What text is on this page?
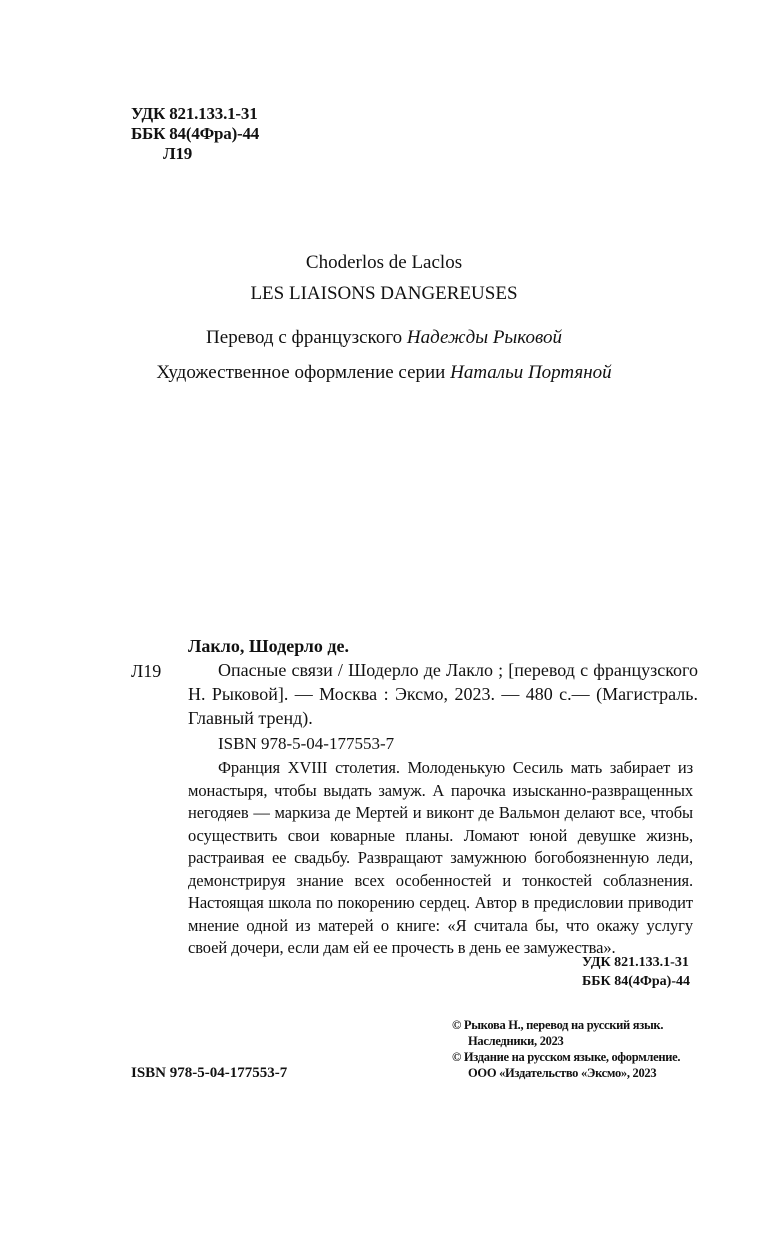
УДК 821.133.1-31
ББК 84(4Фра)-44
Л19
Choderlos de Laclos
LES LIAISONS DANGEREUSES
Перевод с французского Надежды Рыковой
Художественное оформление серии Натальи Портяной
Лакло, Шодерло де.
Л19	Опасные связи / Шодерло де Лакло ; [перевод с французского Н. Рыковой]. — Москва : Эксмо, 2023. — 480 с.— (Магистраль. Главный тренд).
ISBN 978-5-04-177553-7
Франция XVIII столетия. Молоденькую Сесиль мать забирает из монастыря, чтобы выдать замуж. А парочка изысканно-развращенных негодяев — маркиза де Мертей и виконт де Вальмон делают все, чтобы осуществить свои коварные планы. Ломают юной девушке жизнь, растраивая ее свадьбу. Развращают замужнюю богобоязненную леди, демонстрируя знание всех особенностей и тонкостей соблазнения. Настоящая школа по покорению сердец. Автор в предисловии приводит мнение одной из матерей о книге: «Я считала бы, что окажу услугу своей дочери, если дам ей ее прочесть в день ее замужества».
УДК 821.133.1-31
ББК 84(4Фра)-44
© Рыкова Н., перевод на русский язык.
Наследники, 2023
© Издание на русском языке, оформление.
ООО «Издательство «Эксмо», 2023
ISBN 978-5-04-177553-7
